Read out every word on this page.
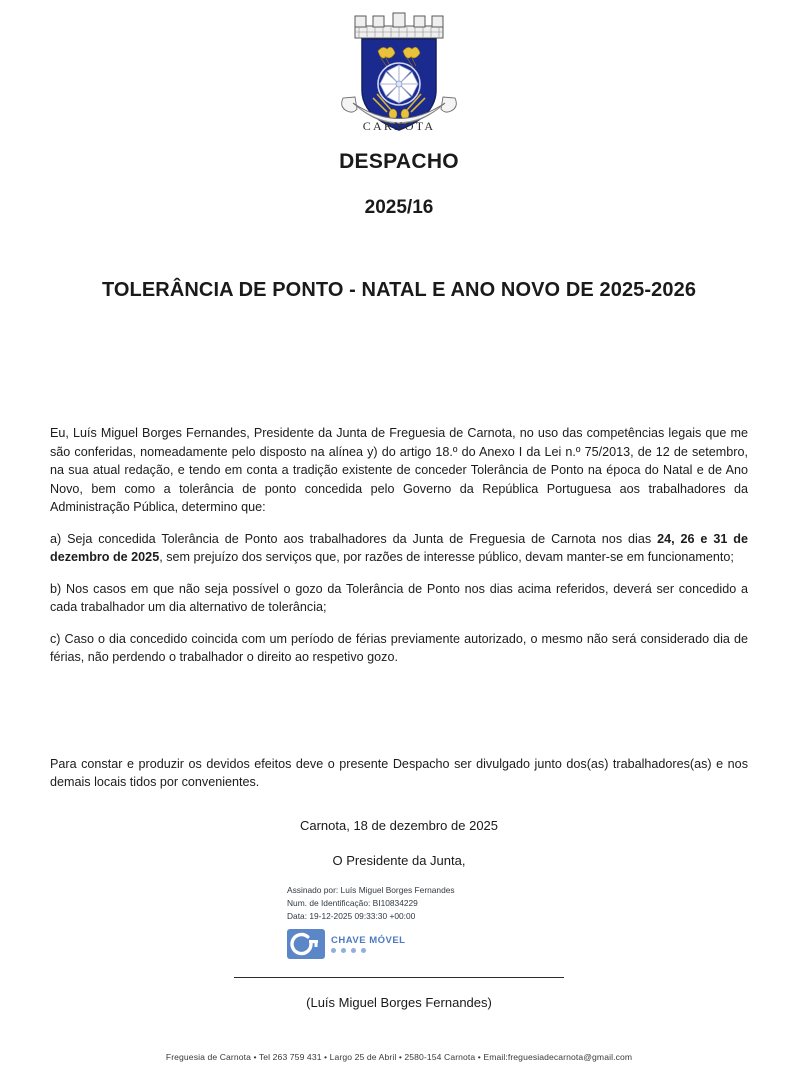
CARNOTA
DESPACHO
2025/16
TOLERÂNCIA DE PONTO - NATAL E ANO NOVO DE 2025-2026

Eu, Luís Miguel Borges Fernandes, Presidente da Junta de Freguesia de Carnota, no uso das competências legais que me são conferidas, nomeadamente pelo disposto na alínea y) do artigo 18.º do Anexo I da Lei n.º 75/2013, de 12 de setembro, na sua atual redação, e tendo em conta a tradição existente de conceder Tolerância de Ponto na época do Natal e de Ano Novo, bem como a tolerância de ponto concedida pelo Governo da República Portuguesa aos trabalhadores da Administração Pública, determino que:

a) Seja concedida Tolerância de Ponto aos trabalhadores da Junta de Freguesia de Carnota nos dias 24, 26 e 31 de dezembro de 2025, sem prejuízo dos serviços que, por razões de interesse público, devam manter-se em funcionamento;

b) Nos casos em que não seja possível o gozo da Tolerância de Ponto nos dias acima referidos, deverá ser concedido a cada trabalhador um dia alternativo de tolerância;

c) Caso o dia concedido coincida com um período de férias previamente autorizado, o mesmo não será considerado dia de férias, não perdendo o trabalhador o direito ao respetivo gozo.

Para constar e produzir os devidos efeitos deve o presente Despacho ser divulgado junto dos(as) trabalhadores(as) e nos demais locais tidos por convenientes.

Carnota, 18 de dezembro de 2025

O Presidente da Junta,

Assinado por: Luís Miguel Borges Fernandes
Num. de Identificação: BI10834229
Data: 19-12-2025 09:33:30 +00:00
CHAVE MÓVEL

(Luís Miguel Borges Fernandes)

Freguesia de Carnota • Tel 263 759 431 • Largo 25 de Abril • 2580-154 Carnota • Email:freguesiadecarnota@gmail.com
